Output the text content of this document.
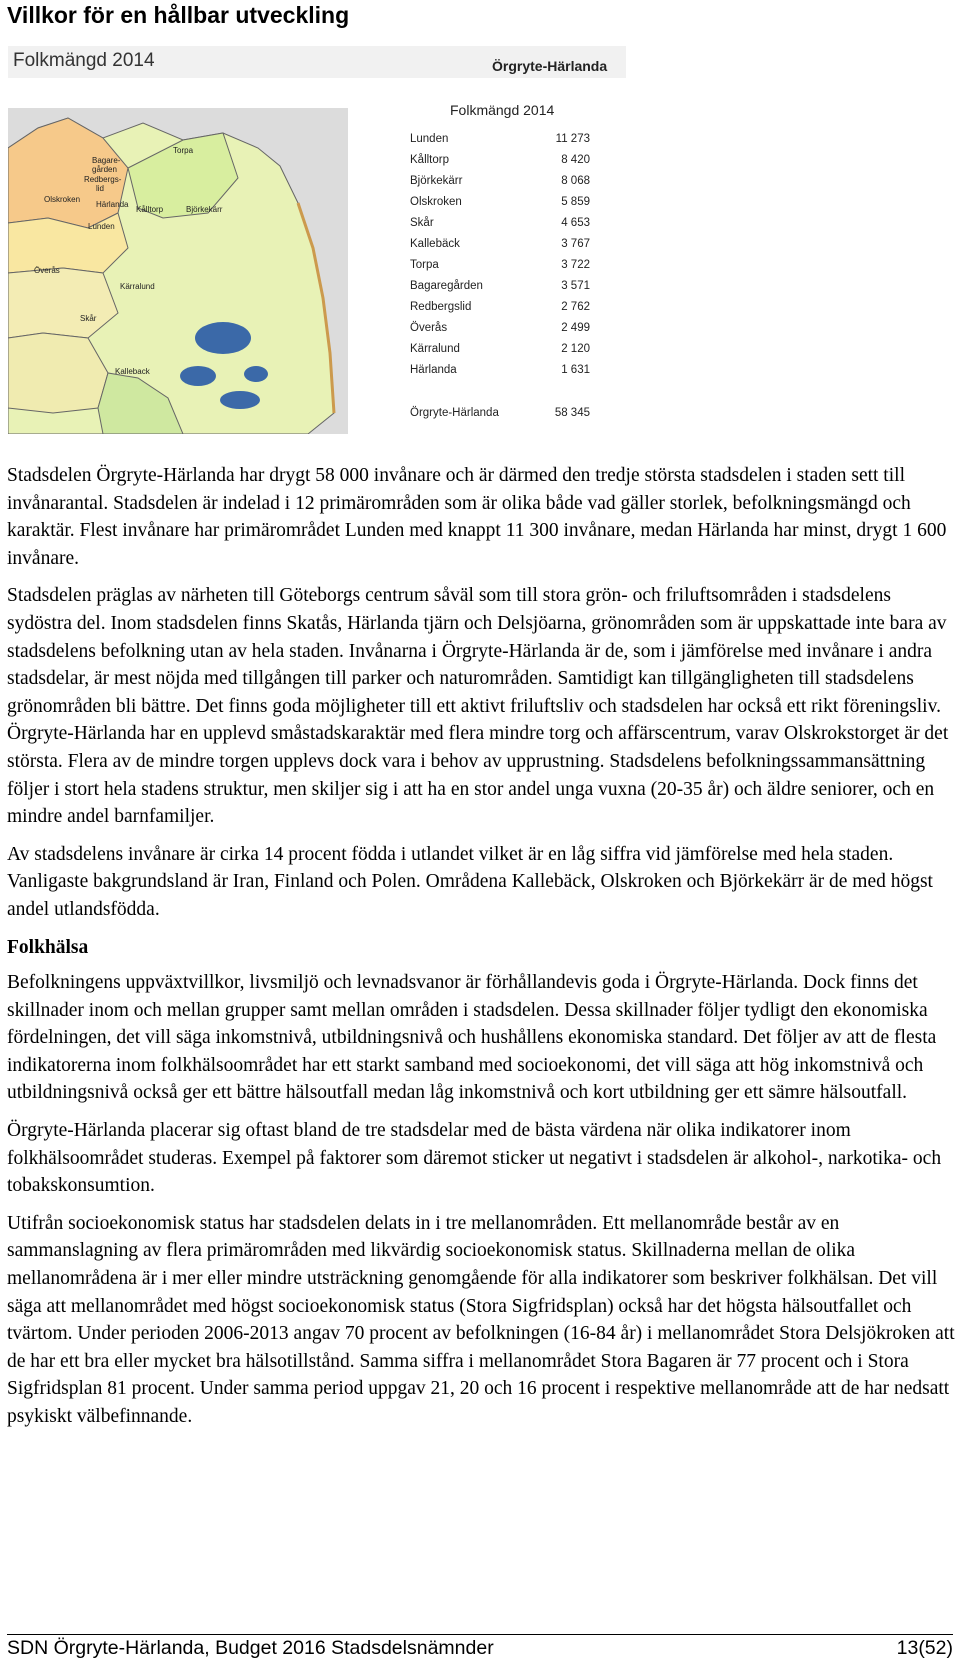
Villkor för en hållbar utveckling
Folkmängd 2014	Örgryte-Härlanda
Torpa
Bagare-
gården
Redbergs-
lid
Olskroken
Härlanda
Kålltorp	Björkekärr
Lunden
Överås
Kärralund
Skår
Kalleback
Folkmängd 2014
Lunden	11 273
Kålltorp	8 420
Björkekärr	8 068
Olskroken	5 859
Skår	4 653
Kallebäck	3 767
Torpa	3 722
Bagaregården	3 571
Redbergslid	2 762
Överås	2 499
Kärralund	2 120
Härlanda	1 631
Örgryte-Härlanda	58 345

Stadsdelen Örgryte-Härlanda har drygt 58 000 invånare och är därmed den tredje största stadsdelen i staden sett till invånarantal. Stadsdelen är indelad i 12 primärområden som är olika både vad gäller storlek, befolkningsmängd och karaktär. Flest invånare har primärområdet Lunden med knappt 11 300 invånare, medan Härlanda har minst, drygt 1 600 invånare.

Stadsdelen präglas av närheten till Göteborgs centrum såväl som till stora grön- och friluftsområden i stadsdelens sydöstra del. Inom stadsdelen finns Skatås, Härlanda tjärn och Delsjöarna, grönområden som är uppskattade inte bara av stadsdelens befolkning utan av hela staden. Invånarna i Örgryte-Härlanda är de, som i jämförelse med invånare i andra stadsdelar, är mest nöjda med tillgången till parker och naturområden. Samtidigt kan tillgängligheten till stadsdelens grönområden bli bättre. Det finns goda möjligheter till ett aktivt friluftsliv och stadsdelen har också ett rikt föreningsliv. Örgryte-Härlanda har en upplevd småstadskaraktär med flera mindre torg och affärscentrum, varav Olskrokstorget är det största. Flera av de mindre torgen upplevs dock vara i behov av upprustning. Stadsdelens befolkningssammansättning följer i stort hela stadens struktur, men skiljer sig i att ha en stor andel unga vuxna (20-35 år) och äldre seniorer, och en mindre andel barnfamiljer.

Av stadsdelens invånare är cirka 14 procent födda i utlandet vilket är en låg siffra vid jämförelse med hela staden. Vanligaste bakgrundsland är Iran, Finland och Polen. Områdena Kallebäck, Olskroken och Björkekärr är de med högst andel utlandsfödda.

Folkhälsa

Befolkningens uppväxtvillkor, livsmiljö och levnadsvanor är förhållandevis goda i Örgryte-Härlanda. Dock finns det skillnader inom och mellan grupper samt mellan områden i stadsdelen. Dessa skillnader följer tydligt den ekonomiska fördelningen, det vill säga inkomstnivå, utbildningsnivå och hushållens ekonomiska standard. Det följer av att de flesta indikatorerna inom folkhälsoområdet har ett starkt samband med socioekonomi, det vill säga att hög inkomstnivå och utbildningsnivå också ger ett bättre hälsoutfall medan låg inkomstnivå och kort utbildning ger ett sämre hälsoutfall.

Örgryte-Härlanda placerar sig oftast bland de tre stadsdelar med de bästa värdena när olika indikatorer inom folkhälsoområdet studeras. Exempel på faktorer som däremot sticker ut negativt i stadsdelen är alkohol-, narkotika- och tobakskonsumtion.

Utifrån socioekonomisk status har stadsdelen delats in i tre mellanområden. Ett mellanområde består av en sammanslagning av flera primärområden med likvärdig socioekonomisk status. Skillnaderna mellan de olika mellanområdena är i mer eller mindre utsträckning genomgående för alla indikatorer som beskriver folkhälsan. Det vill säga att mellanområdet med högst socioekonomisk status (Stora Sigfridsplan) också har det högsta hälsoutfallet och tvärtom. Under perioden 2006-2013 angav 70 procent av befolkningen (16-84 år) i mellanområdet Stora Delsjökroken att de har ett bra eller mycket bra hälsotillstånd. Samma siffra i mellanområdet Stora Bagaren är 77 procent och i Stora Sigfridsplan 81 procent. Under samma period uppgav 21, 20 och 16 procent i respektive mellanområde att de har nedsatt psykiskt välbefinnande.

SDN Örgryte-Härlanda, Budget 2016 Stadsdelsnämnder	13(52)
